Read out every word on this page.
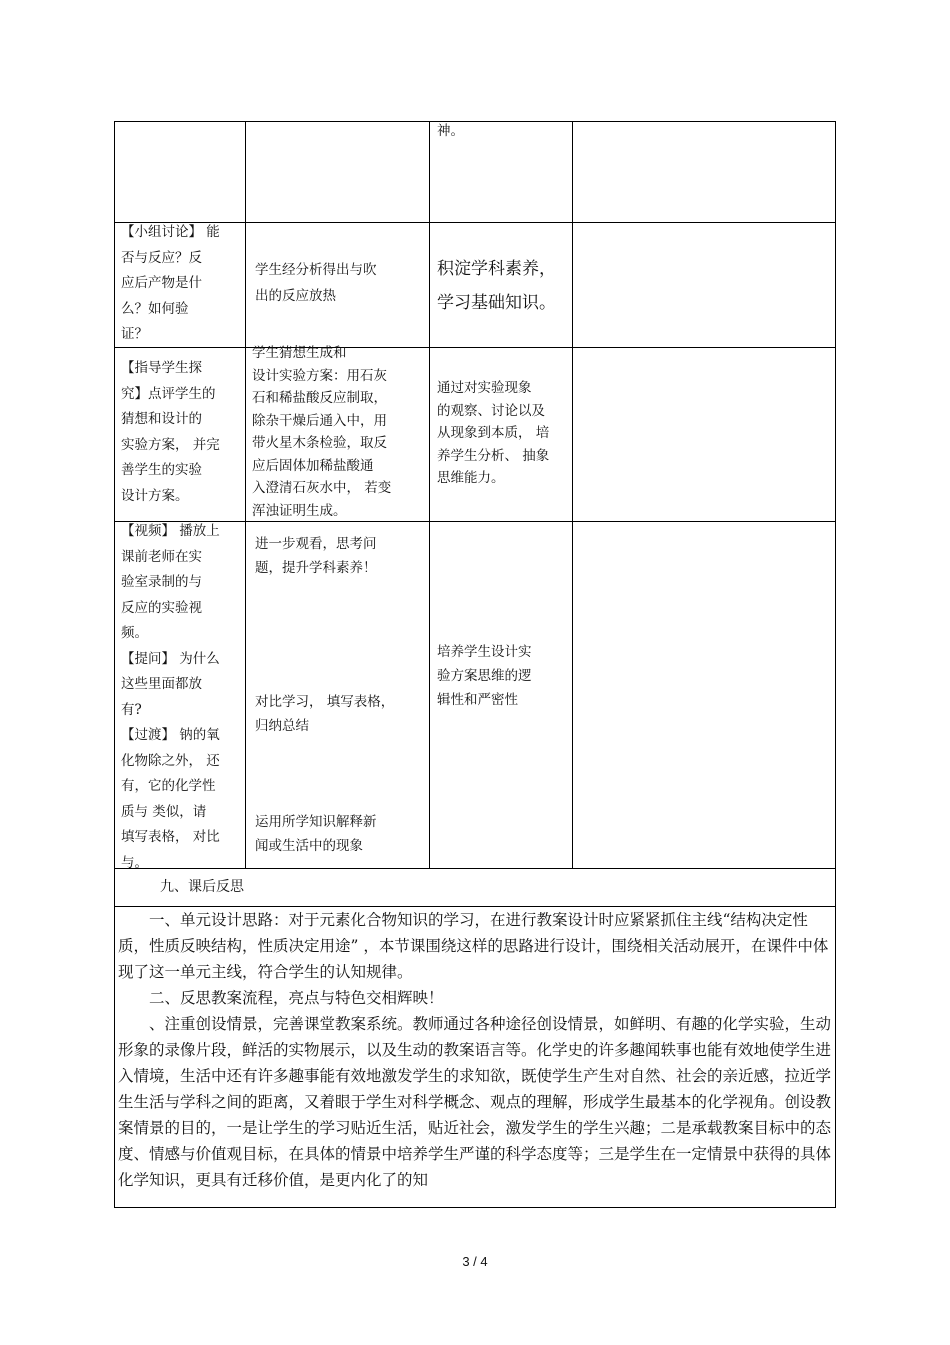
神。

【小组讨论】 能

否与反应？反

应后产物是什

么？如何验

证？

学生经分析得出与吹

出的反应放热

积淀学科素养，

学习基础知识。

【指导学生探

究】点评学生的

猜想和设计的

实验方案， 并完

善学生的实验

设计方案。

学生猜想生成和

设计实验方案：用石灰

石和稀盐酸反应制取，

除杂干燥后通入中，用

带火星木条检验，取反

应后固体加稀盐酸通

入澄清石灰水中， 若变

浑浊证明生成。

通过对实验现象

的观察、讨论以及

从现象到本质， 培

养学生分析、 抽象

思维能力。

【视频】 播放上

课前老师在实

验室录制的与

反应的实验视

频。

【提问】 为什么

这些里面都放

有?

【过渡】 钠的氧

化物除之外， 还

有，它的化学性

质与 类似，请

填写表格， 对比

与。

进一步观看，思考问

题，提升学科素养！

对比学习， 填写表格，

归纳总结

运用所学知识解释新

闻或生活中的现象

培养学生设计实

验方案思维的逻

辑性和严密性

九、课后反思

一、单元设计思路：对于元素化合物知识的学习，在进行教案设计时应紧紧抓住主线“结构决定性质，性质反映结构，性质决定用途” ，本节课围绕这样的思路进行设计，围绕相关活动展开，在课件中体现了这一单元主线，符合学生的认知规律。

二、反思教案流程，亮点与特色交相辉映！

、注重创设情景，完善课堂教案系统。教师通过各种途径创设情景，如鲜明、有趣的化学实验，生动形象的录像片段，鲜活的实物展示，以及生动的教案语言等。化学史的许多趣闻轶事也能有效地使学生进入情境，生活中还有许多趣事能有效地激发学生的求知欲，既使学生产生对自然、社会的亲近感，拉近学生生活与学科之间的距离，又着眼于学生对科学概念、观点的理解，形成学生最基本的化学视角。创设教案情景的目的，一是让学生的学习贴近生活，贴近社会，激发学生的学生兴趣；二是承载教案目标中的态度、情感与价值观目标，在具体的情景中培养学生严谨的科学态度等；三是学生在一定情景中获得的具体化学知识，更具有迁移价值，是更内化了的知

3 / 4
